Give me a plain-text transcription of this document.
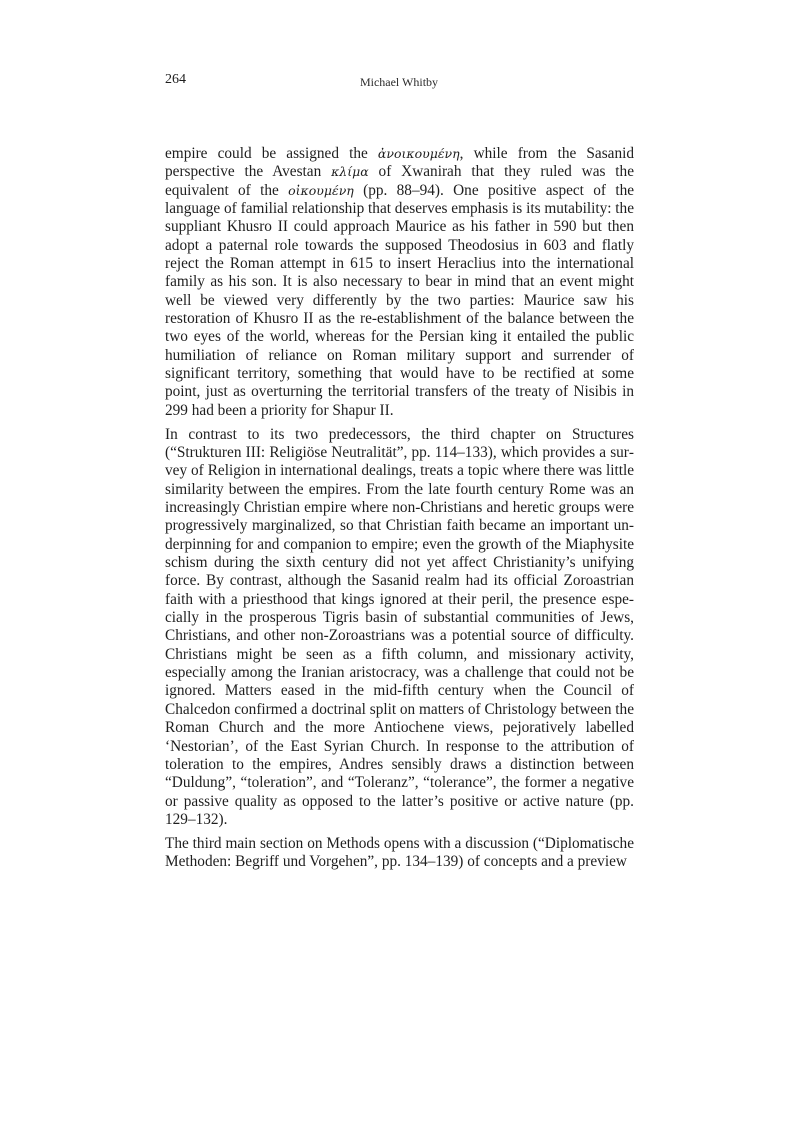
264	Michael Whitby

empire could be assigned the ἀνοικουμένη, while from the Sasanid perspective the Avestan κλίμα of Xwanirah that they ruled was the equivalent of the οἰκουμένη (pp. 88–94). One positive aspect of the language of familial relationship that deserves emphasis is its mutability: the suppliant Khusro II could approach Maurice as his father in 590 but then adopt a paternal role towards the supposed Theodosius in 603 and flatly reject the Roman attempt in 615 to insert Heraclius into the international family as his son. It is also necessary to bear in mind that an event might well be viewed very differently by the two parties: Maurice saw his restoration of Khusro II as the re-establishment of the balance between the two eyes of the world, whereas for the Persian king it entailed the public humiliation of reliance on Roman military support and surrender of significant territory, something that would have to be rectified at some point, just as overturning the territorial transfers of the treaty of Nisibis in 299 had been a priority for Shapur II.

In contrast to its two predecessors, the third chapter on Structures (“Strukturen III: Religiöse Neutralität”, pp. 114–133), which provides a survey of Religion in international dealings, treats a topic where there was little similarity between the empires. From the late fourth century Rome was an increasingly Christian empire where non-Christians and heretic groups were progressively marginalized, so that Christian faith became an important underpinning for and companion to empire; even the growth of the Miaphysite schism during the sixth century did not yet affect Christianity’s unifying force. By contrast, although the Sasanid realm had its official Zoroastrian faith with a priesthood that kings ignored at their peril, the presence especially in the prosperous Tigris basin of substantial communities of Jews, Christians, and other non-Zoroastrians was a potential source of difficulty. Christians might be seen as a fifth column, and missionary activity, especially among the Iranian aristocracy, was a challenge that could not be ignored. Matters eased in the mid-fifth century when the Council of Chalcedon confirmed a doctrinal split on matters of Christology between the Roman Church and the more Antiochene views, pejoratively labelled ‘Nestorian’, of the East Syrian Church. In response to the attribution of toleration to the empires, Andres sensibly draws a distinction between “Duldung”, “toleration”, and “Toleranz”, “tolerance”, the former a negative or passive quality as opposed to the latter’s positive or active nature (pp. 129–132).

The third main section on Methods opens with a discussion (“Diplomatische Methoden: Begriff und Vorgehen”, pp. 134–139) of concepts and a preview
